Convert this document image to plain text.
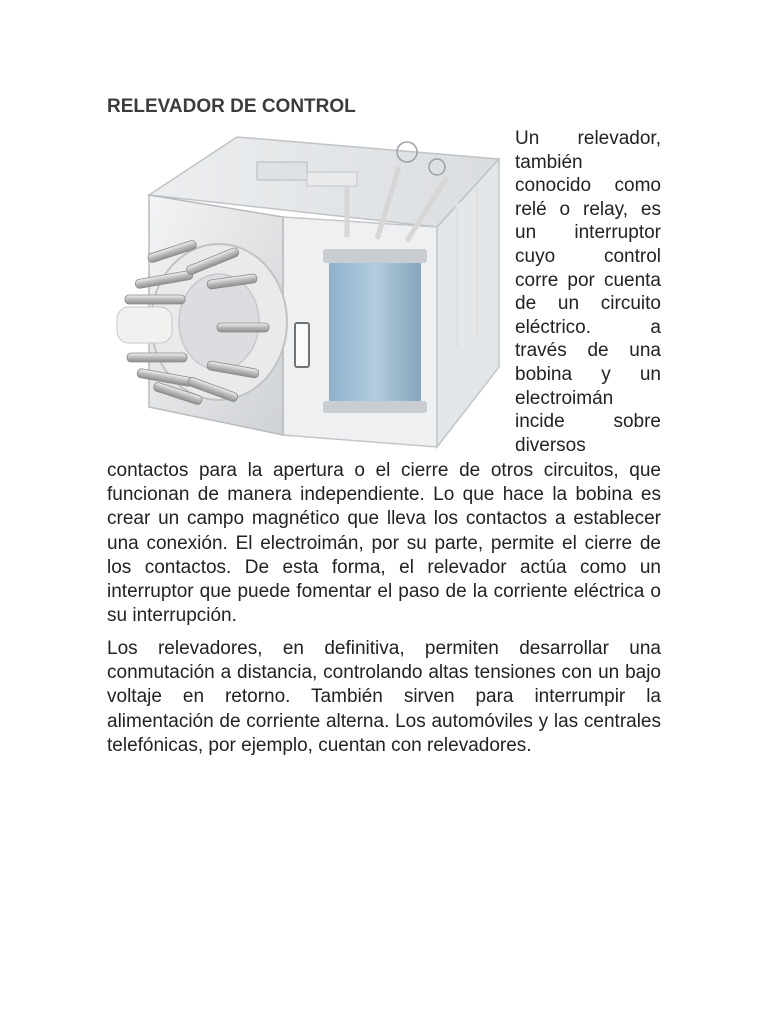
RELEVADOR DE CONTROL
Un relevador,
también
conocido como
relé o relay, es
un interruptor
cuyo control
corre por cuenta
de un circuito
eléctrico. a
través de una
bobina y un
electroimán
incide sobre
diversos

contactos para la apertura o el cierre de otros circuitos, que funcionan de manera independiente. Lo que hace la bobina es crear un campo magnético que lleva los contactos a establecer una conexión. El electroimán, por su parte, permite el cierre de los contactos. De esta forma, el relevador actúa como un interruptor que puede fomentar el paso de la corriente eléctrica o su interrupción.

Los relevadores, en definitiva, permiten desarrollar una conmutación a distancia, controlando altas tensiones con un bajo voltaje en retorno. También sirven para interrumpir la alimentación de corriente alterna. Los automóviles y las centrales telefónicas, por ejemplo, cuentan con relevadores.
